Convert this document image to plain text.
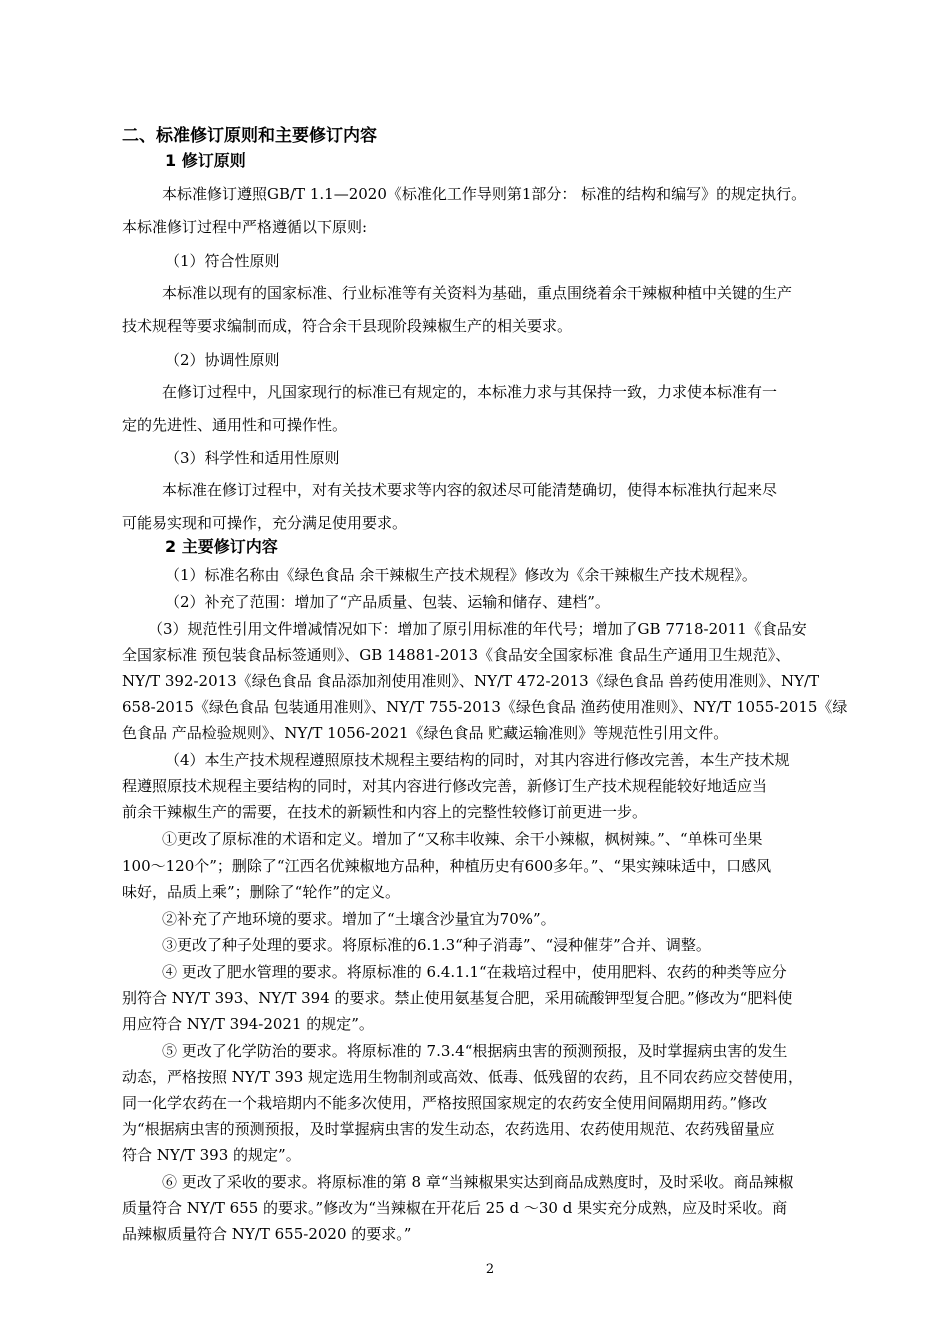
二、标准修订原则和主要修订内容
1 修订原则
本标准修订遵照GB/T 1.1—2020《标准化工作导则第1部分： 标准的结构和编写》的规定执行。
本标准修订过程中严格遵循以下原则:
（1）符合性原则
本标准以现有的国家标准、行业标准等有关资料为基础，重点围绕着余干辣椒种植中关键的生产
技术规程等要求编制而成，符合余干县现阶段辣椒生产的相关要求。
（2）协调性原则
在修订过程中，凡国家现行的标准已有规定的，本标准力求与其保持一致，力求使本标准有一
定的先进性、通用性和可操作性。
（3）科学性和适用性原则
本标准在修订过程中，对有关技术要求等内容的叙述尽可能清楚确切，使得本标准执行起来尽
可能易实现和可操作，充分满足使用要求。
2 主要修订内容
（1）标准名称由《绿色食品 余干辣椒生产技术规程》修改为《余干辣椒生产技术规程》。
（2）补充了范围：增加了“产品质量、包装、运输和储存、建档”。
（3）规范性引用文件增减情况如下：增加了原引用标准的年代号；增加了GB 7718-2011《食品安
全国家标准 预包装食品标签通则》、GB 14881-2013《食品安全国家标准 食品生产通用卫生规范》、
NY/T 392-2013《绿色食品 食品添加剂使用准则》、NY/T 472-2013《绿色食品 兽药使用准则》、NY/T
658-2015《绿色食品 包装通用准则》、NY/T 755-2013《绿色食品 渔药使用准则》、NY/T 1055-2015《绿
色食品 产品检验规则》、NY/T 1056-2021《绿色食品 贮藏运输准则》等规范性引用文件。
（4）本生产技术规程遵照原技术规程主要结构的同时，对其内容进行修改完善，本生产技术规
程遵照原技术规程主要结构的同时，对其内容进行修改完善，新修订生产技术规程能较好地适应当
前余干辣椒生产的需要，在技术的新颖性和内容上的完整性较修订前更进一步。
①更改了原标准的术语和定义。增加了“又称丰收辣、余干小辣椒，枫树辣。”、“单株可坐果
100～120个”；删除了“江西名优辣椒地方品种，种植历史有600多年。”、“果实辣味适中，口感风
味好，品质上乘”；删除了“轮作”的定义。
②补充了产地环境的要求。增加了“土壤含沙量宜为70%”。
③更改了种子处理的要求。将原标准的6.1.3“种子消毒”、“浸种催芽”合并、调整。
④ 更改了肥水管理的要求。将原标准的 6.4.1.1“在栽培过程中，使用肥料、农药的种类等应分
别符合 NY/T 393、NY/T 394 的要求。禁止使用氨基复合肥，采用硫酸钾型复合肥。”修改为“肥料使
用应符合 NY/T 394-2021 的规定”。
⑤ 更改了化学防治的要求。将原标准的 7.3.4“根据病虫害的预测预报，及时掌握病虫害的发生
动态，严格按照 NY/T 393 规定选用生物制剂或高效、低毒、低残留的农药，且不同农药应交替使用，
同一化学农药在一个栽培期内不能多次使用，严格按照国家规定的农药安全使用间隔期用药。”修改
为“根据病虫害的预测预报，及时掌握病虫害的发生动态，农药选用、农药使用规范、农药残留量应
符合 NY/T 393 的规定”。
⑥ 更改了采收的要求。将原标准的第 8 章“当辣椒果实达到商品成熟度时，及时采收。商品辣椒
质量符合 NY/T 655 的要求。”修改为“当辣椒在开花后 25 d ～30 d 果实充分成熟，应及时采收。商
品辣椒质量符合 NY/T 655-2020 的要求。”
2
